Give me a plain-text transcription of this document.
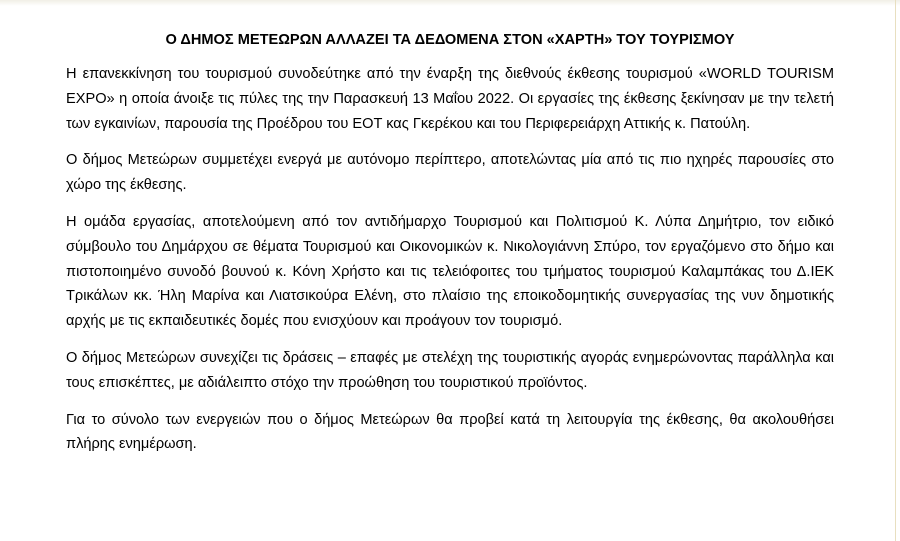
Ο ΔΗΜΟΣ ΜΕΤΕΩΡΩΝ ΑΛΛΑΖΕΙ ΤΑ ΔΕΔΟΜΕΝΑ ΣΤΟΝ «ΧΑΡΤΗ» ΤΟΥ ΤΟΥΡΙΣΜΟΥ

Η επανεκκίνηση του τουρισμού συνοδεύτηκε από την έναρξη της διεθνούς έκθεσης τουρισμού «WORLD TOURISM EXPO» η οποία άνοιξε τις πύλες της την Παρασκευή 13 Μαΐου 2022. Οι εργασίες της έκθεσης ξεκίνησαν με την τελετή των εγκαινίων, παρουσία της Προέδρου του ΕΟΤ κας Γκερέκου και του Περιφερειάρχη Αττικής κ. Πατούλη.

Ο δήμος Μετεώρων συμμετέχει ενεργά με αυτόνομο περίπτερο, αποτελώντας μία από τις πιο ηχηρές παρουσίες στο χώρο της έκθεσης.

Η ομάδα εργασίας, αποτελούμενη από τον αντιδήμαρχο Τουρισμού και Πολιτισμού Κ. Λύπα Δημήτριο, τον ειδικό σύμβουλο του Δημάρχου σε θέματα Τουρισμού και Οικονομικών κ. Νικολογιάννη Σπύρο, τον εργαζόμενο στο δήμο και πιστοποιημένο συνοδό βουνού κ. Κόνη Χρήστο και τις τελειόφοιτες του τμήματος τουρισμού Καλαμπάκας του Δ.ΙΕΚ Τρικάλων κκ. Ήλη Μαρίνα και Λιατσικούρα Ελένη, στο πλαίσιο της εποικοδομητικής συνεργασίας της νυν δημοτικής αρχής με τις εκπαιδευτικές δομές που ενισχύουν και προάγουν τον τουρισμό.

Ο δήμος Μετεώρων συνεχίζει τις δράσεις – επαφές με στελέχη της τουριστικής αγοράς ενημερώνοντας παράλληλα και τους επισκέπτες, με αδιάλειπτο στόχο την προώθηση του τουριστικού προϊόντος.

Για το σύνολο των ενεργειών που ο δήμος Μετεώρων θα προβεί κατά τη λειτουργία της έκθεσης, θα ακολουθήσει πλήρης ενημέρωση.
